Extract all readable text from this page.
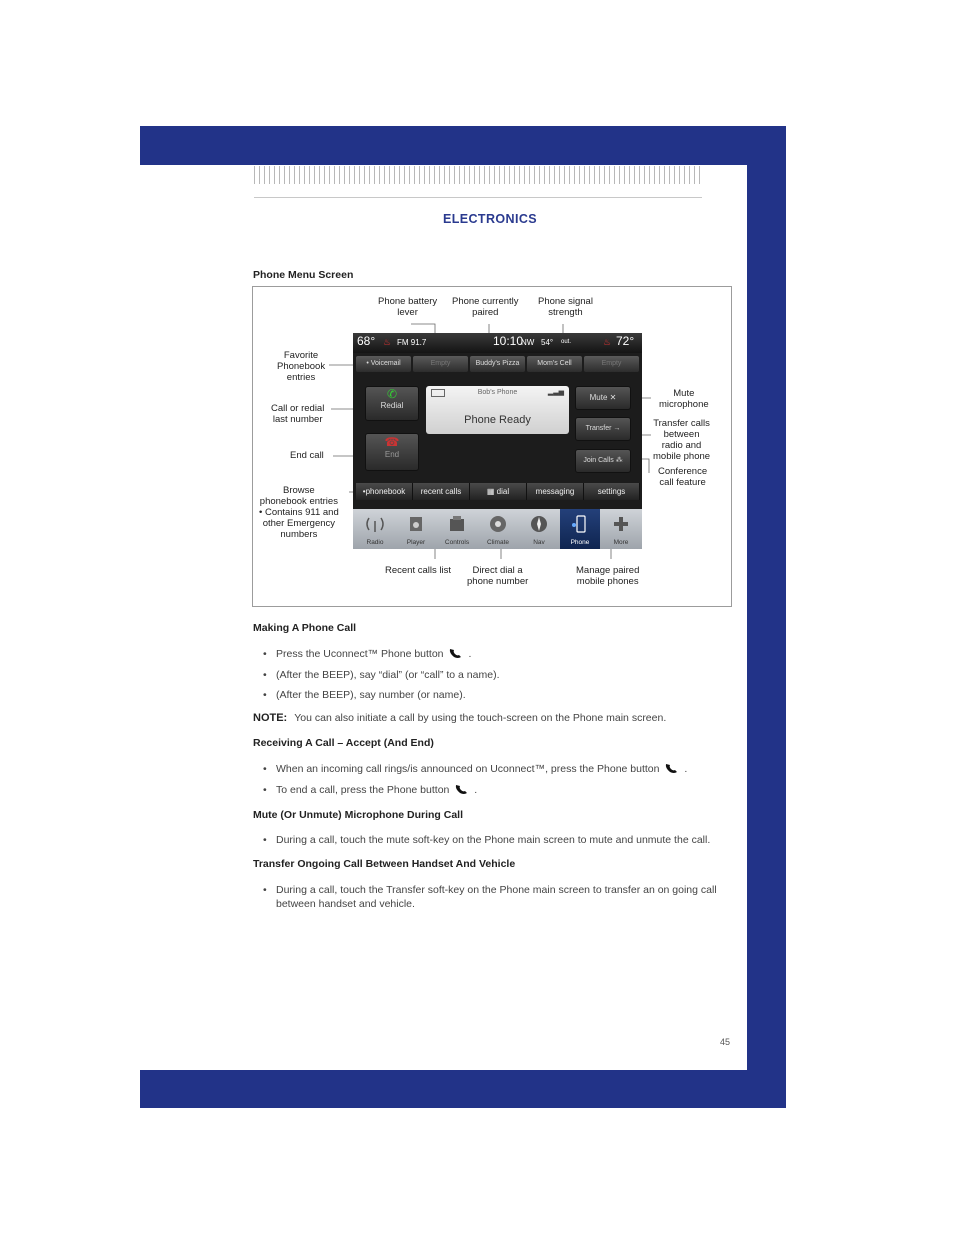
ELECTRONICS
Phone Menu Screen
Phone battery
lever
Phone currently
paired
Phone signal
strength
Favorite
Phonebook
entries
Call or redial
last number
End call
Browse
phonebook entries
• Contains 911 and
other Emergency
numbers
Mute
microphone
Transfer calls
between
radio and
mobile phone
Conference
call feature
Recent calls list	Direct dial a
phone number
Manage paired
mobile phones
68° ♨ FM 91.7	10:10
NW 54° out.	♨ 72°
• Voicemail	Empty	Buddy's Pizza	Mom's Cell	Empty
✆
Redial
☎
End
Bob's Phone	▂▃▅
Phone Ready
Mute ✕
Transfer →
Join Calls ⁂
•phonebook	recent calls	▦ dial	messaging	settings
Radio	Player	Controls	Climate	Nav	Phone	More
Making A Phone Call
• Press the Uconnect™ Phone button .
• (After the BEEP), say “dial” (or “call” to a name).
• (After the BEEP), say number (or name).
NOTE: You can also initiate a call by using the touch-screen on the Phone main screen.
Receiving A Call – Accept (And End)
• When an incoming call rings/is announced on Uconnect™, press the Phone button .
• To end a call, press the Phone button .
Mute (Or Unmute) Microphone During Call
• During a call, touch the mute soft-key on the Phone main screen to mute and unmute the call.
Transfer Ongoing Call Between Handset And Vehicle
• During a call, touch the Transfer soft-key on the Phone main screen to transfer an on going call between handset and vehicle.
45
